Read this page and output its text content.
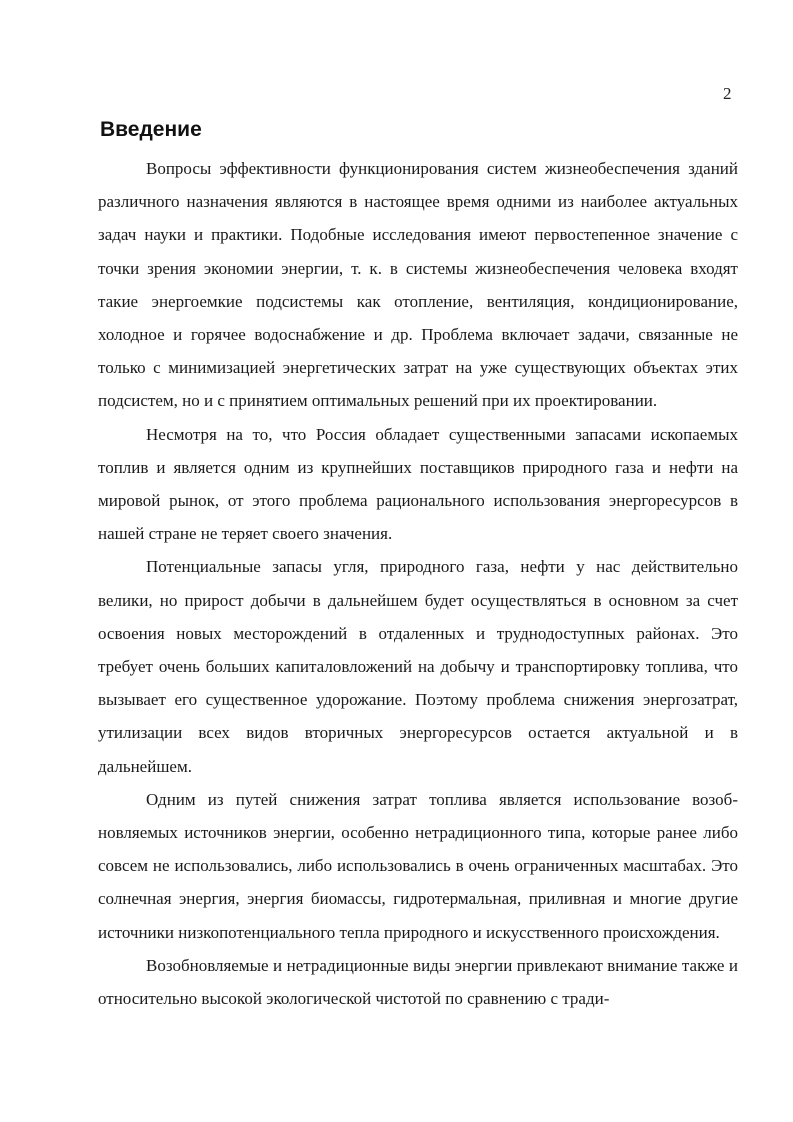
2
Введение

Вопросы эффективности функционирования систем жизнеобеспечения зданий различного назначения являются в настоящее время одними из наиболее актуальных задач науки и практики. Подобные исследования имеют первостепенное значение с точки зрения экономии энергии, т. к. в системы жизнеобеспечения человека входят такие энергоемкие подсистемы как отопление, вентиляция, кондиционирование, холодное и горячее водоснабжение и др. Проблема включает задачи, связанные не только с минимизацией энергетических затрат на уже существующих объектах этих подсистем, но и с принятием оптимальных решений при их проектировании.

Несмотря на то, что Россия обладает существенными запасами ископаемых топлив и является одним из крупнейших поставщиков природного газа и нефти на мировой рынок, от этого проблема рационального использования энергоресурсов в нашей стране не теряет своего значения.

Потенциальные запасы угля, природного газа, нефти у нас действительно велики, но прирост добычи в дальнейшем будет осуществляться в основном за счет освоения новых месторождений в отдаленных и труднодоступных районах. Это требует очень больших капиталовложений на добычу и транспортировку топлива, что вызывает его существенное удорожание. Поэтому проблема снижения энергозатрат, утилизации всех видов вторичных энергоресурсов остается актуальной и в дальнейшем.

Одним из путей снижения затрат топлива является использование возобновляемых источников энергии, особенно нетрадиционного типа, которые ранее либо совсем не использовались, либо использовались в очень ограниченных масштабах. Это солнечная энергия, энергия биомассы, гидротермальная, приливная и многие другие источники низкопотенциального тепла природного и искусственного происхождения.

Возобновляемые и нетрадиционные виды энергии привлекают внимание также и относительно высокой экологической чистотой по сравнению с тради-
